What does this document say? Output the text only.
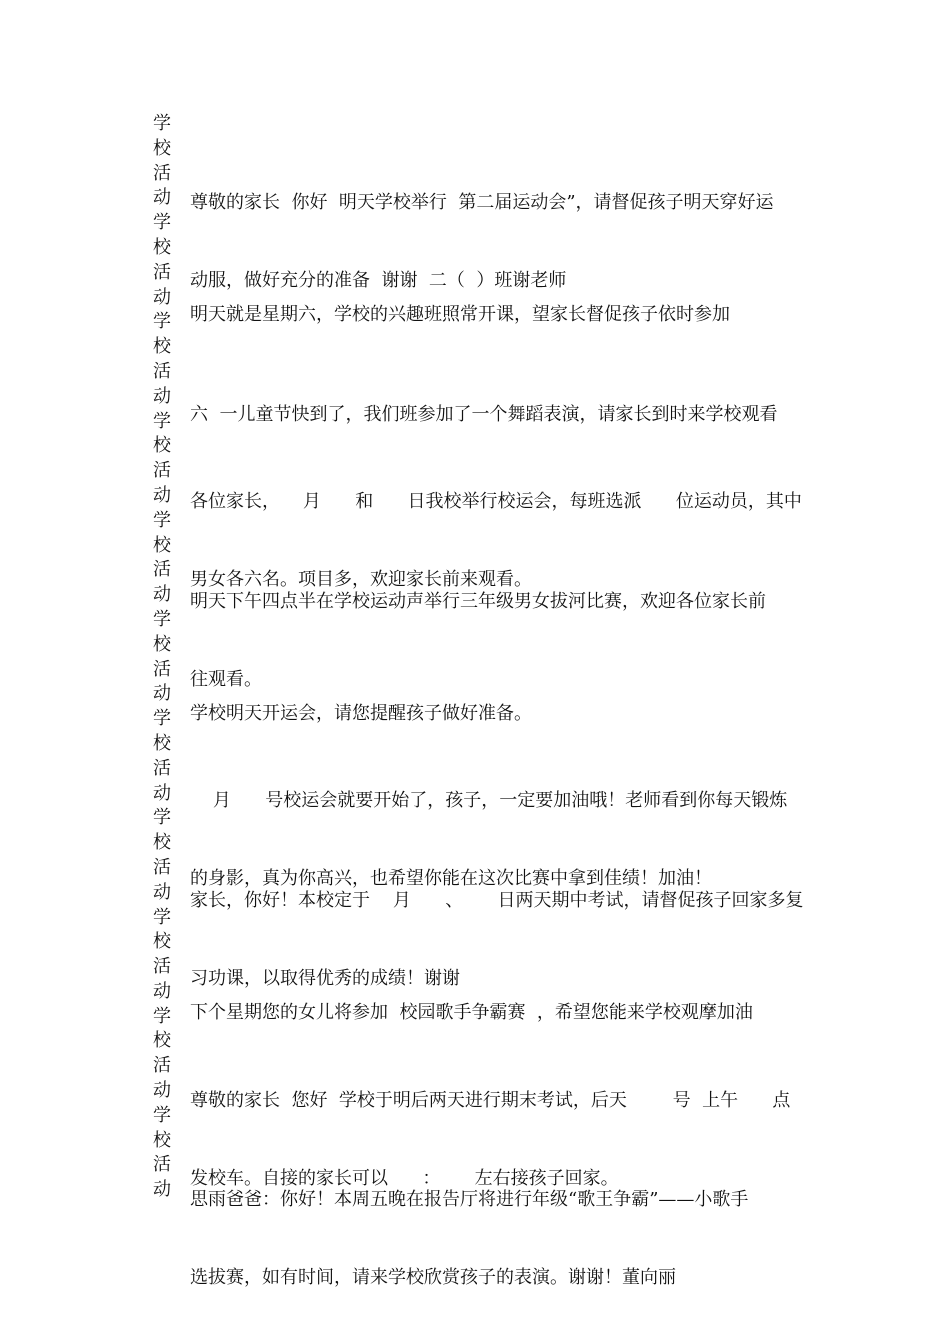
学
校
活
动
学
校
活
动
学
校
活
动
学
校
活
动
学
校
活
动
学
校
活
动
学
校
活
动
学
校
活
动
学
校
活
动
学
校
活
动
学
校
活
动

尊敬的家长  你好  明天学校举行  第二届运动会”，请督促孩子明天穿好运

动服，做好充分的准备  谢谢  二（  ）班谢老师

明天就是星期六，学校的兴趣班照常开课，望家长督促孩子依时参加

六  一儿童节快到了，我们班参加了一个舞蹈表演，请家长到时来学校观看

各位家长，    月      和      日我校举行校运会，每班选派      位运动员，其中

男女各六名。项目多，欢迎家长前来观看。

明天下午四点半在学校运动声举行三年级男女拔河比赛，欢迎各位家长前

往观看。

学校明天开运会，请您提醒孩子做好准备。

月      号校运会就要开始了，孩子，一定要加油哦！老师看到你每天锻炼

的身影，真为你高兴，也希望你能在这次比赛中拿到佳绩！加油！

家长，你好！本校定于    月      、      日两天期中考试，请督促孩子回家多复

习功课，以取得优秀的成绩！谢谢

下个星期您的女儿将参加  校园歌手争霸赛  ，希望您能来学校观摩加油

尊敬的家长  您好  学校于明后两天进行期末考试，后天        号  上午      点

发校车。自接的家长可以      ：      左右接孩子回家。

思雨爸爸：你好！本周五晚在报告厅将进行年级“歌王争霸”——小歌手

选拔赛，如有时间，请来学校欣赏孩子的表演。谢谢！董向丽
